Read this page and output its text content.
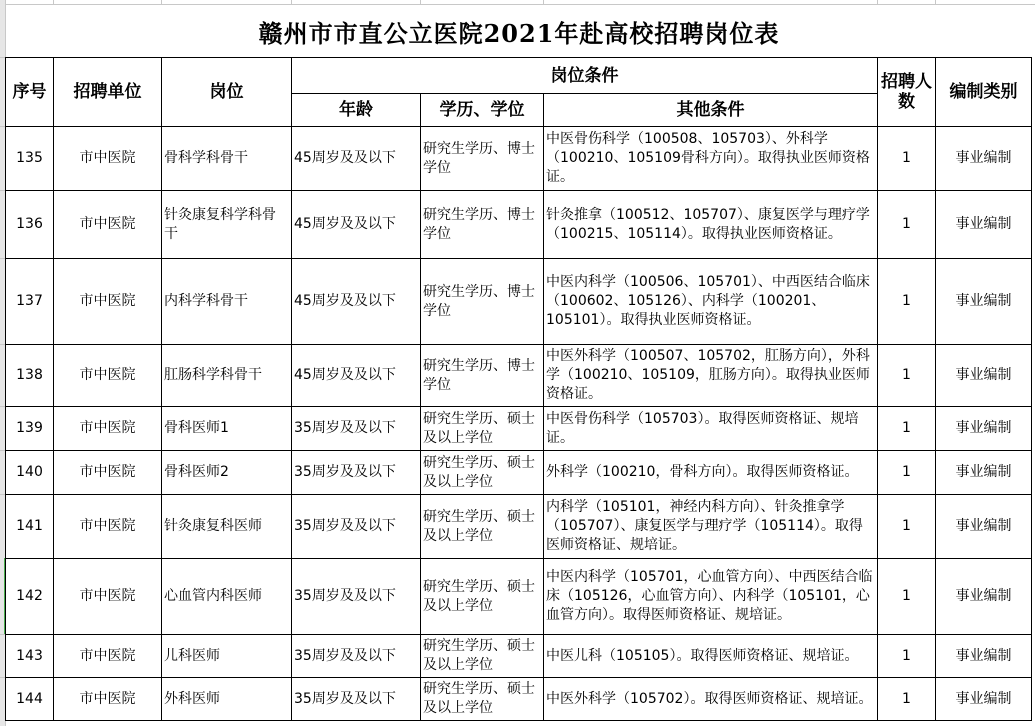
赣州市市直公立医院2021年赴高校招聘岗位表
序号	招聘单位	岗位	岗位条件			招聘人数	编制类别
			年龄	学历、学位	其他条件		
135	市中医院	骨科学科骨干	45周岁及及以下	研究生学历、博士学位	中医骨伤科学（100508、105703）、外科学（100210、105109骨科方向）。取得执业医师资格证。	1	事业编制
136	市中医院	针灸康复科学科骨干	45周岁及及以下	研究生学历、博士学位	针灸推拿（100512、105707）、康复医学与理疗学（100215、105114）。取得执业医师资格证。	1	事业编制
137	市中医院	内科学科骨干	45周岁及及以下	研究生学历、博士学位	中医内科学（100506、105701）、中西医结合临床（100602、105126）、内科学（100201、105101）。取得执业医师资格证。	1	事业编制
138	市中医院	肛肠科学科骨干	45周岁及及以下	研究生学历、博士学位	中医外科学（100507、105702，肛肠方向），外科学（100210、105109，肛肠方向）。取得执业医师资格证。	1	事业编制
139	市中医院	骨科医师1	35周岁及及以下	研究生学历、硕士及以上学位	中医骨伤科学（105703）。取得医师资格证、规培证。	1	事业编制
140	市中医院	骨科医师2	35周岁及及以下	研究生学历、硕士及以上学位	外科学（100210，骨科方向）。取得医师资格证。	1	事业编制
141	市中医院	针灸康复科医师	35周岁及及以下	研究生学历、硕士及以上学位	内科学（105101，神经内科方向）、针灸推拿学（105707）、康复医学与理疗学（105114）。取得医师资格证、规培证。	1	事业编制
142	市中医院	心血管内科医师	35周岁及及以下	研究生学历、硕士及以上学位	中医内科学（105701，心血管方向）、中西医结合临床（105126，心血管方向）、内科学（105101，心血管方向）。取得医师资格证、规培证。	1	事业编制
143	市中医院	儿科医师	35周岁及及以下	研究生学历、硕士及以上学位	中医儿科（105105）。取得医师资格证、规培证。	1	事业编制
144	市中医院	外科医师	35周岁及及以下	研究生学历、硕士及以上学位	中医外科学（105702）。取得医师资格证、规培证。	1	事业编制
